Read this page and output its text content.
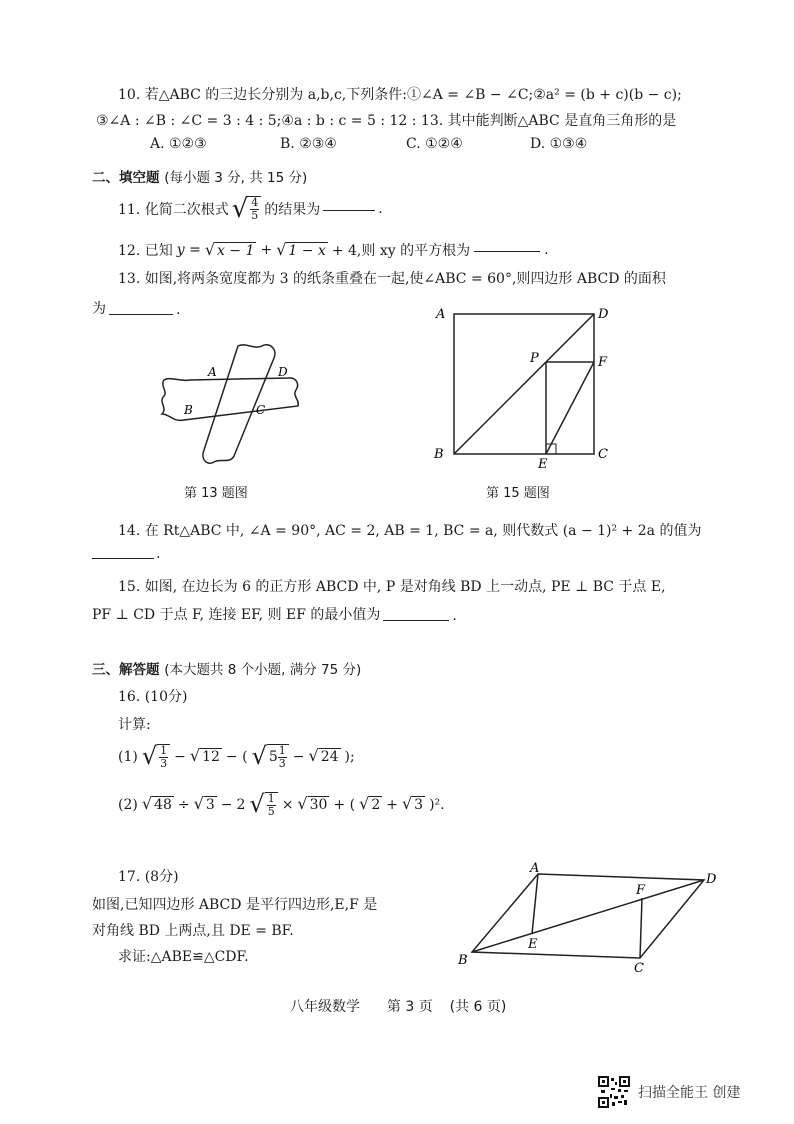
10. 若△ABC 的三边长分别为 a,b,c,下列条件:①∠A = ∠B − ∠C;②a² = (b + c)(b − c);
③∠A : ∠B : ∠C = 3 : 4 : 5;④a : b : c = 5 : 12 : 13. 其中能判断△ABC 是直角三角形的是
A. ①②③	B. ②③④	C. ①②④	D. ①③④
二、填空题 (每小题 3 分, 共 15 分)
11. 化简二次根式 √ $\frac{4}{5}$ 的结果为	.
12. 已知 y = √ x − 1 + √ 1 − x + 4,则 xy 的平方根为	.
13. 如图,将两条宽度都为 3 的纸条重叠在一起,使∠ABC = 60°,则四边形 ABCD 的面积
为	.
A	D
B	C
第 13 题图
A	D
P	F
B
E
C
第 15 题图
14. 在 Rt△ABC 中, ∠A = 90°, AC = 2, AB = 1, BC = a, 则代数式 (a − 1)² + 2a 的值为
.
15. 如图, 在边长为 6 的正方形 ABCD 中, P 是对角线 BD 上一动点, PE ⊥ BC 于点 E,
PF ⊥ CD 于点 F, 连接 EF, 则 EF 的最小值为	.
三、解答题 (本大题共 8 个小题, 满分 75 分)
16. (10分)
计算:
(1) √ $\frac{1}{3}$ − √ 12 − ( √ $5 \frac{1}{3}$ − √ 24 );
(2) √ 48 ÷ √ 3 − 2 √ $\frac{1}{5}$ × √ 30 + ( √ 2 + √ 3 )².
17. (8分)
如图,已知四边形 ABCD 是平行四边形,E,F 是
对角线 BD 上两点,且 DE = BF.
求证:△ABE≌△CDF.
A
D
F
E
B
C
八年级数学 第 3 页 (共 6 页)
扫描全能王 创建
